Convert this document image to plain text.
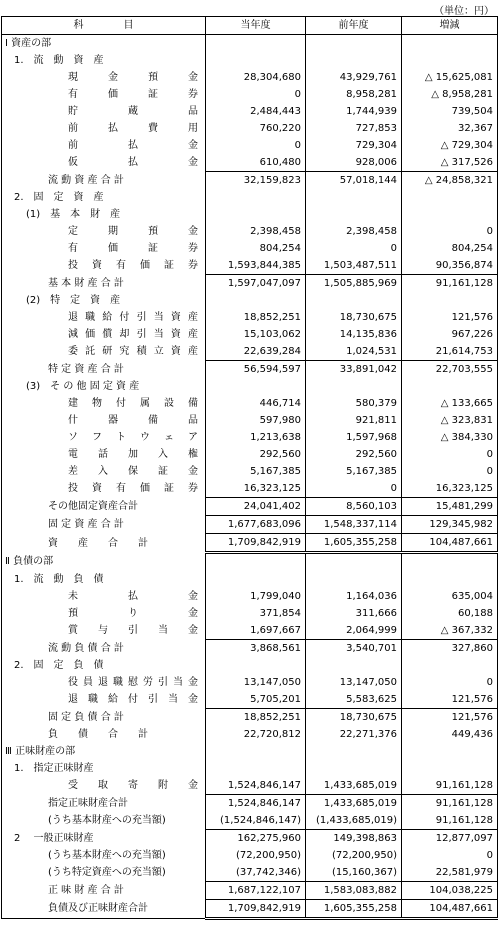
（単位：円）
科　　　　目	当年度	前年度	増減
Ⅰ 資産の部			
1.　流　動　資　産			
現　　金　　預　　金	28,304,680	43,929,761	△ 15,625,081
有　　価　　証　　券	0	8,958,281	△ 8,958,281
貯　　　蔵　　　品	2,484,443	1,744,939	739,504
前　　払　　費　　用	760,220	727,853	32,367
前　　　払　　　金	0	729,304	△ 729,304
仮　　　払　　　金	610,480	928,006	△ 317,526
流 動 資 産 合 計	32,159,823	57,018,144	△ 24,858,321
2.　固　定　資　産			
(1)　基　本　財　産			
定　　期　　預　　金	2,398,458	2,398,458	0
有　　価　　証　　券	804,254	0	804,254
投 資 有 価 証 券	1,593,844,385	1,503,487,511	90,356,874
基 本 財 産 合 計	1,597,047,097	1,505,885,969	91,161,128
(2)　特　定　資　産			
退職給付引当資産	18,852,251	18,730,675	121,576
減価償却引当資産	15,103,062	14,135,836	967,226
委託研究積立資産	22,639,284	1,024,531	21,614,753
特 定 資 産 合 計	56,594,597	33,891,042	22,703,555
(3)　そ の 他 固 定 資 産			
建 物 付 属 設 備	446,714	580,379	△ 133,665
什　　器　　備　　品	597,980	921,811	△ 323,831
ソ フ ト ウ ェ ア	1,213,638	1,597,968	△ 384,330
電 話 加 入 権	292,560	292,560	0
差 入 保 証 金	5,167,385	5,167,385	0
投 資 有 価 証 券	16,323,125	0	16,323,125
その他固定資産合計	24,041,402	8,560,103	15,481,299
固 定 資 産 合 計	1,677,683,096	1,548,337,114	129,345,982
資　　産　　合　　計	1,709,842,919	1,605,355,258	104,487,661
Ⅱ 負債の部			
1.　流　動　負　債			
未　　　払　　　金	1,799,040	1,164,036	635,004
預　　　り　　　金	371,854	311,666	60,188
賞　与　引　当　金	1,697,667	2,064,999	△ 367,332
流 動 負 債 合 計	3,868,561	3,540,701	327,860
2.　固　定　負　債			
役員退職慰労引当金	13,147,050	13,147,050	0
退 職 給 付 引 当 金	5,705,201	5,583,625	121,576
固 定 負 債 合 計	18,852,251	18,730,675	121,576
負　　債　　合　　計	22,720,812	22,271,376	449,436
Ⅲ 正味財産の部			
1.　指定正味財産			
受　取　寄　附　金	1,524,846,147	1,433,685,019	91,161,128
指定正味財産合計	1,524,846,147	1,433,685,019	91,161,128
(うち基本財産への充当額)	(1,524,846,147)	(1,433,685,019)	91,161,128
2　 一般正味財産	162,275,960	149,398,863	12,877,097
(うち基本財産への充当額)	(72,200,950)	(72,200,950)	0
(うち特定資産への充当額)	(37,742,346)	(15,160,367)	22,581,979
正 味 財 産 合 計	1,687,122,107	1,583,083,882	104,038,225
負債及び正味財産合計	1,709,842,919	1,605,355,258	104,487,661
